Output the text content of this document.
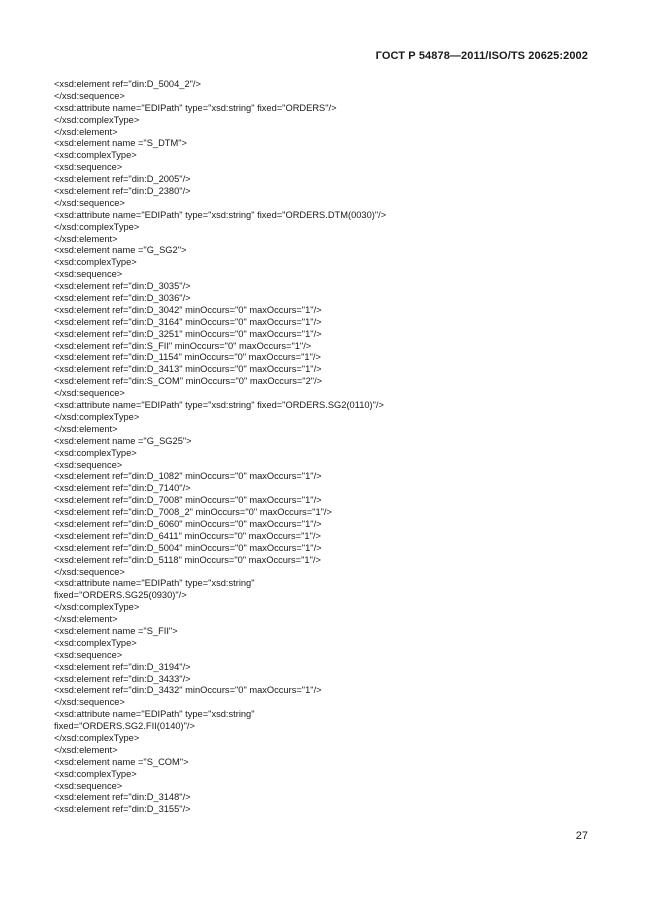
ГОСТ Р 54878—2011/ISO/TS 20625:2002
<xsd:element ref="din:D_5004_2"/>
</xsd:sequence>
<xsd:attribute name="EDIPath" type="xsd:string" fixed="ORDERS"/>
</xsd:complexType>
</xsd:element>
<xsd:element name ="S_DTM">
<xsd:complexType>
<xsd:sequence>
<xsd:element ref="din:D_2005"/>
<xsd:element ref="din:D_2380"/>
</xsd:sequence>
<xsd:attribute name="EDIPath" type="xsd:string" fixed="ORDERS.DTM(0030)"/>
</xsd:complexType>
</xsd:element>
<xsd:element name ="G_SG2">
<xsd:complexType>
<xsd:sequence>
<xsd:element ref="din:D_3035"/>
<xsd:element ref="din:D_3036"/>
<xsd:element ref="din:D_3042" minOccurs="0" maxOccurs="1"/>
<xsd:element ref="din:D_3164" minOccurs="0" maxOccurs="1"/>
<xsd:element ref="din:D_3251" minOccurs="0" maxOccurs="1"/>
<xsd:element ref="din:S_FII" minOccurs="0" maxOccurs="1"/>
<xsd:element ref="din:D_1154" minOccurs="0" maxOccurs="1"/>
<xsd:element ref="din:D_3413" minOccurs="0" maxOccurs="1"/>
<xsd:element ref="din:S_COM" minOccurs="0" maxOccurs="2"/>
</xsd:sequence>
<xsd:attribute name="EDIPath" type="xsd:string" fixed="ORDERS.SG2(0110)"/>
</xsd:complexType>
</xsd:element>
<xsd:element name ="G_SG25">
<xsd:complexType>
<xsd:sequence>
<xsd:element ref="din:D_1082" minOccurs="0" maxOccurs="1"/>
<xsd:element ref="din:D_7140"/>
<xsd:element ref="din:D_7008" minOccurs="0" maxOccurs="1"/>
<xsd:element ref="din:D_7008_2" minOccurs="0" maxOccurs="1"/>
<xsd:element ref="din:D_6060" minOccurs="0" maxOccurs="1"/>
<xsd:element ref="din:D_6411" minOccurs="0" maxOccurs="1"/>
<xsd:element ref="din:D_5004" minOccurs="0" maxOccurs="1"/>
<xsd:element ref="din:D_5118" minOccurs="0" maxOccurs="1"/>
</xsd:sequence>
<xsd:attribute name="EDIPath" type="xsd:string"
fixed="ORDERS.SG25(0930)"/>
</xsd:complexType>
</xsd:element>
<xsd:element name ="S_FII">
<xsd:complexType>
<xsd:sequence>
<xsd:element ref="din:D_3194"/>
<xsd:element ref="din:D_3433"/>
<xsd:element ref="din:D_3432" minOccurs="0" maxOccurs="1"/>
</xsd:sequence>
<xsd:attribute name="EDIPath" type="xsd:string"
fixed="ORDERS.SG2.FII(0140)"/>
</xsd:complexType>
</xsd:element>
<xsd:element name ="S_COM">
<xsd:complexType>
<xsd:sequence>
<xsd:element ref="din:D_3148"/>
<xsd:element ref="din:D_3155"/>
27
